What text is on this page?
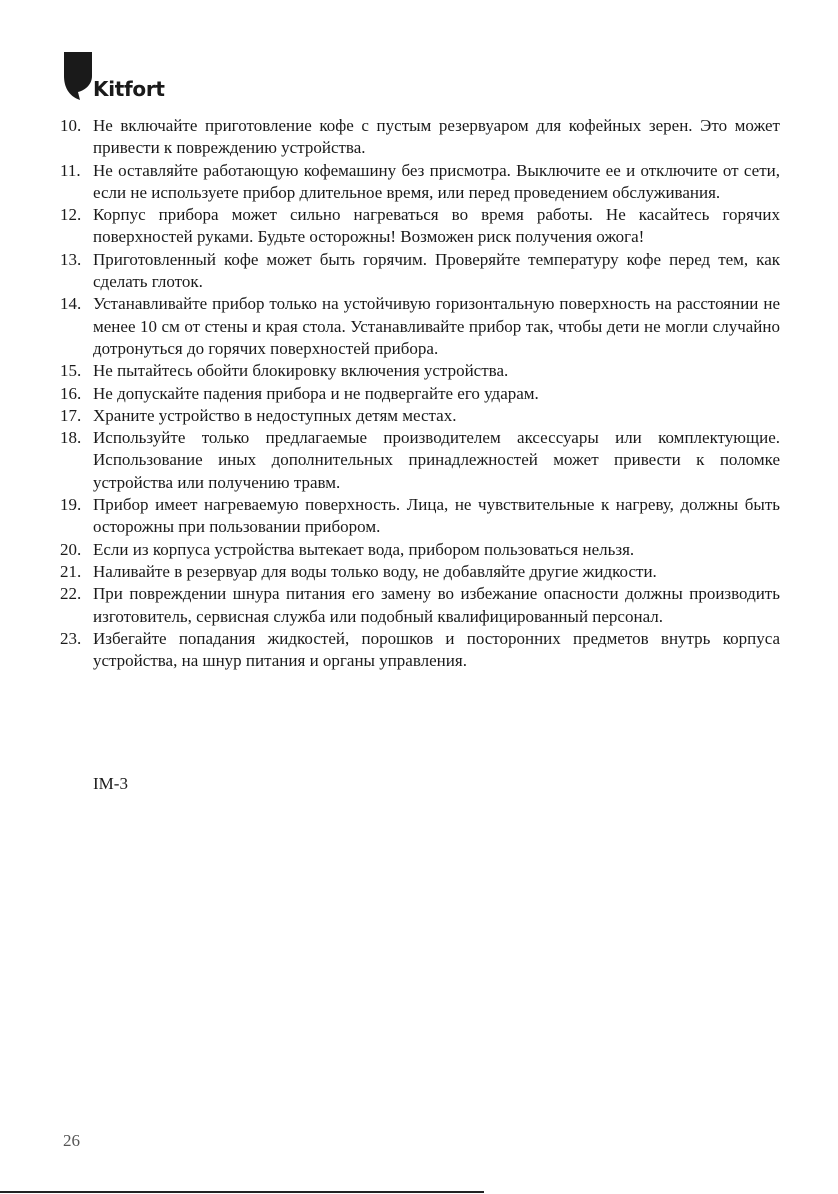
Kitfort
10. Не включайте приготовление кофе с пустым резервуаром для кофейных зерен. Это может привести к повреждению устройства.
11. Не оставляйте работающую кофемашину без присмотра. Выключите ее и отключите от сети, если не используете прибор длительное время, или перед проведением обслуживания.
12. Корпус прибора может сильно нагреваться во время работы. Не касайтесь горячих поверхностей руками. Будьте осторожны! Возможен риск получения ожога!
13. Приготовленный кофе может быть горячим. Проверяйте температуру кофе перед тем, как сделать глоток.
14. Устанавливайте прибор только на устойчивую горизонтальную поверхность на расстоянии не менее 10 см от стены и края стола. Устанавливайте прибор так, чтобы дети не могли случайно дотронуться до горячих поверхностей прибора.
15. Не пытайтесь обойти блокировку включения устройства.
16. Не допускайте падения прибора и не подвергайте его ударам.
17. Храните устройство в недоступных детям местах.
18. Используйте только предлагаемые производителем аксессуары или комплектующие. Использование иных дополнительных принадлежностей может привести к поломке устройства или получению травм.
19. Прибор имеет нагреваемую поверхность. Лица, не чувствительные к нагреву, должны быть осторожны при пользовании прибором.
20. Если из корпуса устройства вытекает вода, прибором пользоваться нельзя.
21. Наливайте в резервуар для воды только воду, не добавляйте другие жидкости.
22. При повреждении шнура питания его замену во избежание опасности должны производить изготовитель, сервисная служба или подобный квалифицированный персонал.
23. Избегайте попадания жидкостей, порошков и посторонних предметов внутрь корпуса устройства, на шнур питания и органы управления.
IM-3
26
